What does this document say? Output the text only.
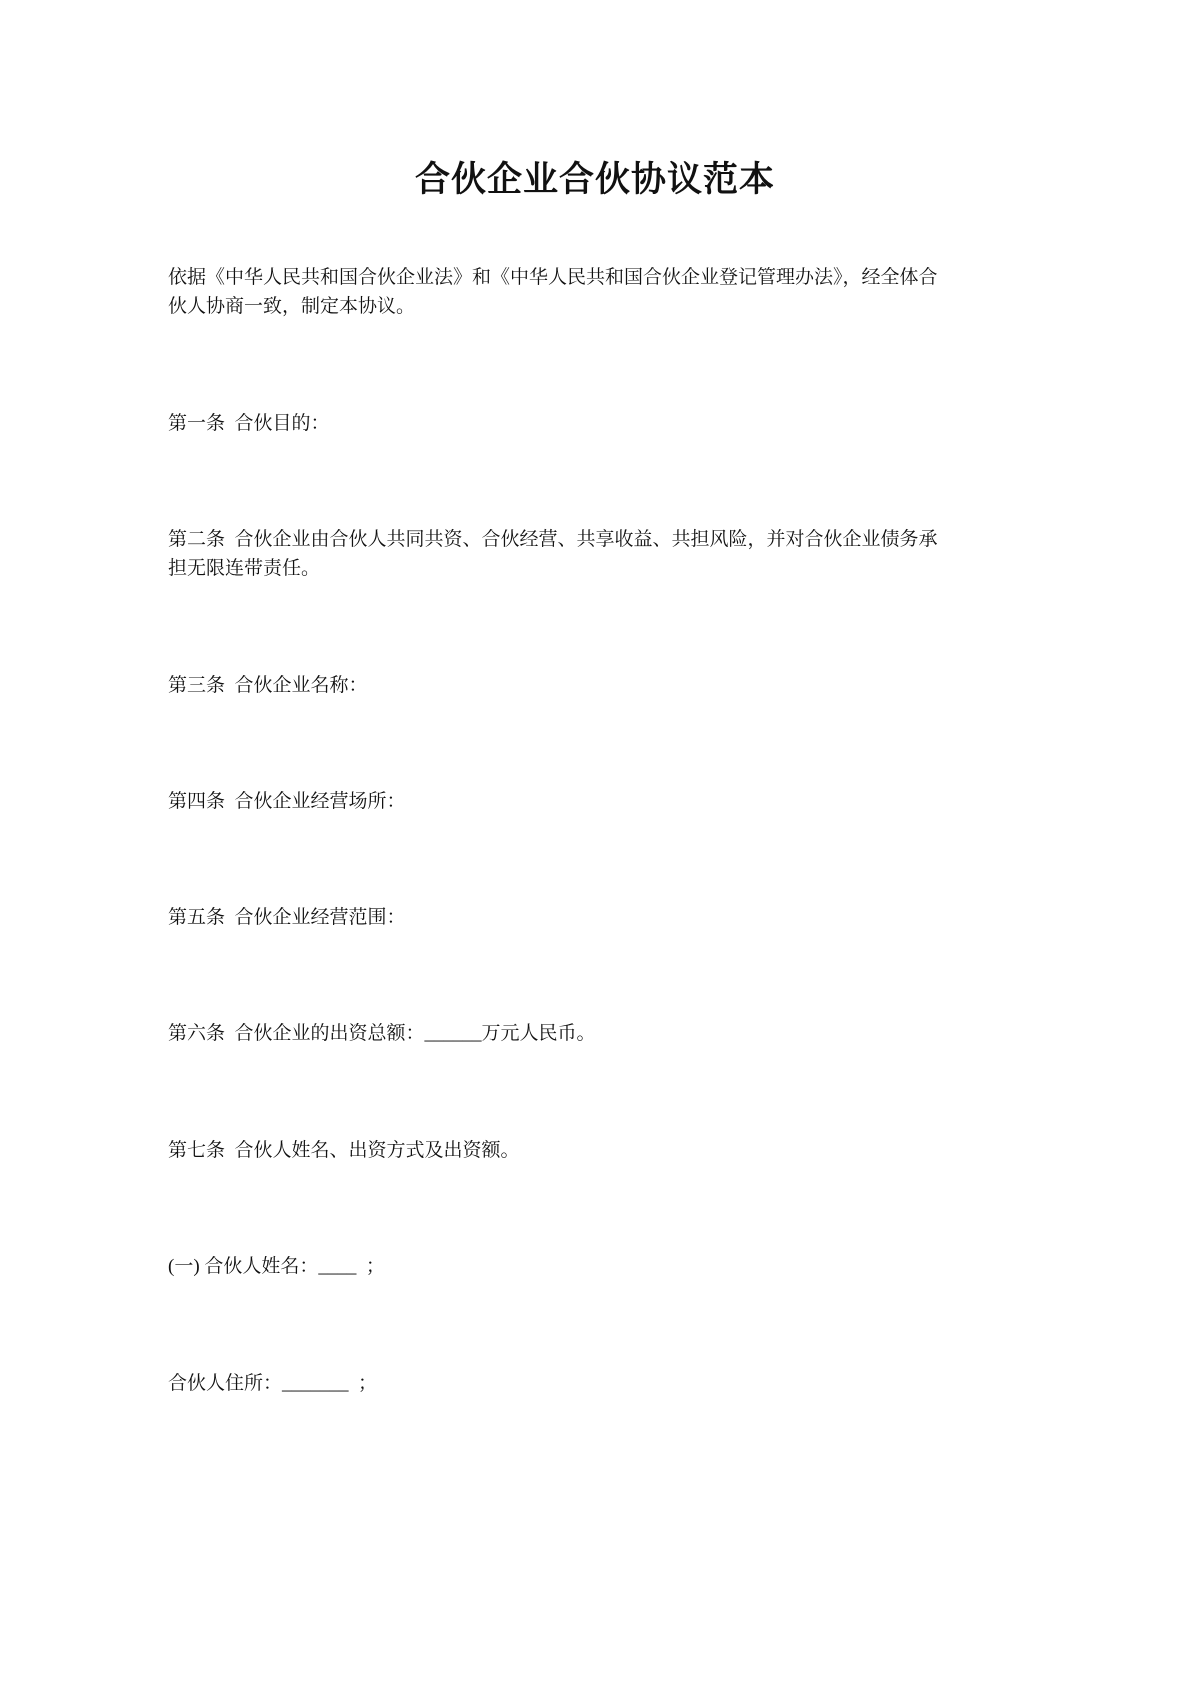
合伙企业合伙协议范本

依据《中华人民共和国合伙企业法》和《中华人民共和国合伙企业登记管理办法》，经全体合伙人协商一致，制定本协议。

第一条  合伙目的：

第二条  合伙企业由合伙人共同共资、合伙经营、共享收益、共担风险，并对合伙企业债务承担无限连带责任。

第三条  合伙企业名称：

第四条  合伙企业经营场所：

第五条  合伙企业经营范围：

第六条  合伙企业的出资总额：______万元人民币。

第七条  合伙人姓名、出资方式及出资额。

(一) 合伙人姓名：____  ；

合伙人住所：_______  ；
